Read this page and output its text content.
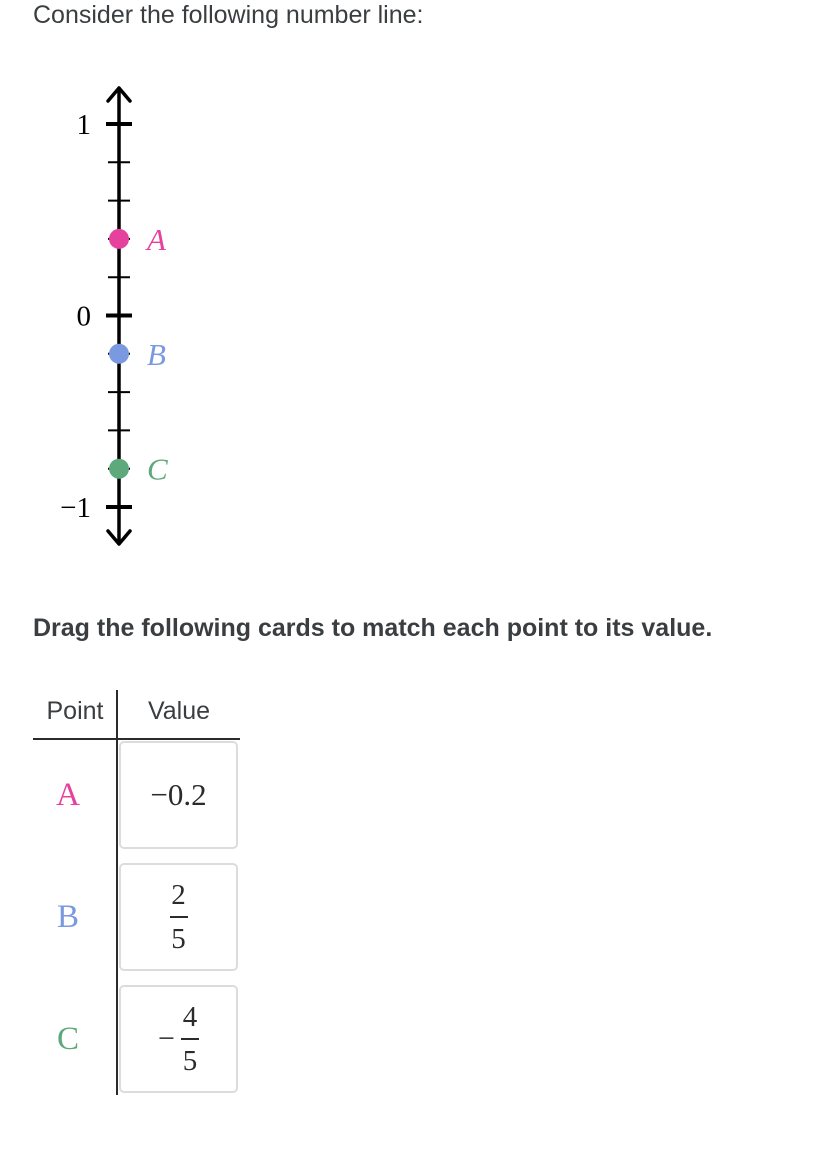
Consider the following number line:
1
0
−1
A
B
C
Drag the following cards to match each point to its value.
Point	Value
A
B
C
−0.2
$\frac{2}{5}$
− $\frac{4}{5}$
